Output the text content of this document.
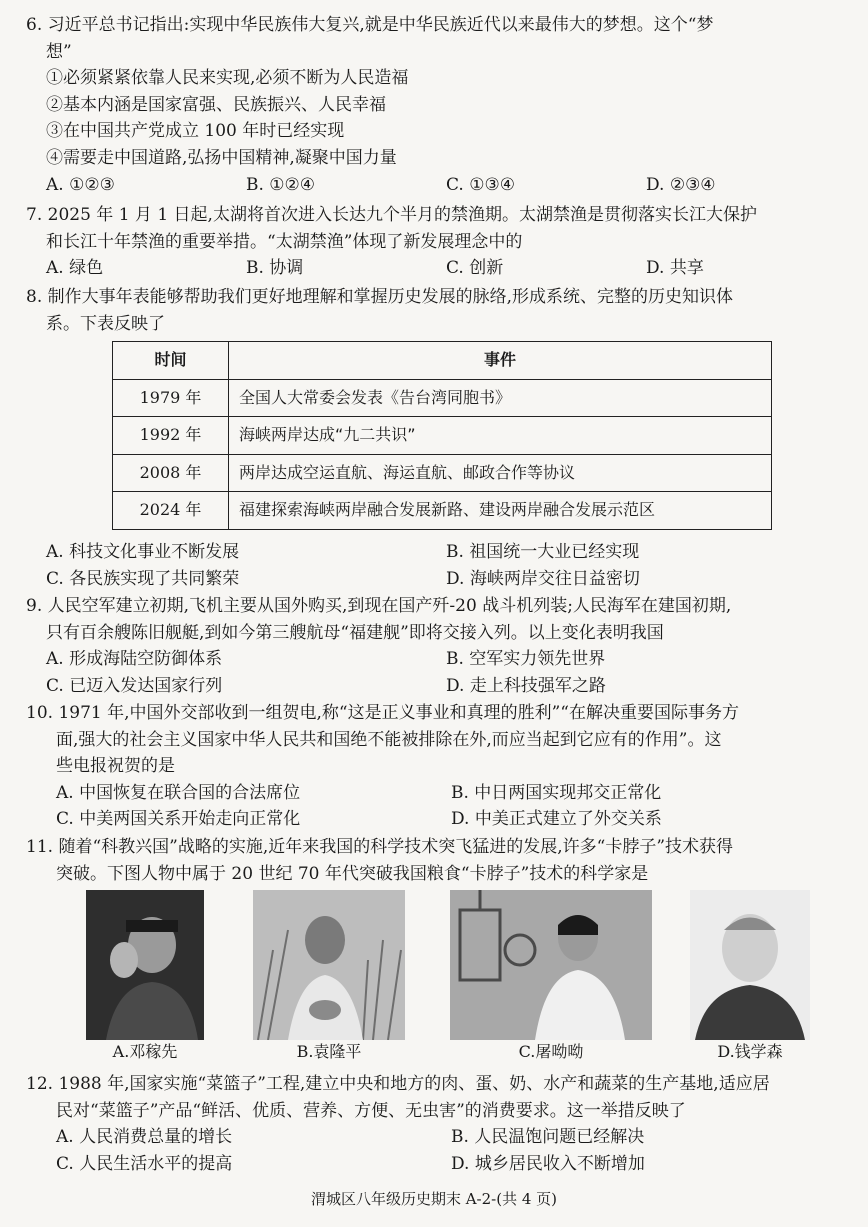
6. 习近平总书记指出:实现中华民族伟大复兴,就是中华民族近代以来最伟大的梦想。这个“梦
想”
①必须紧紧依靠人民来实现,必须不断为人民造福
②基本内涵是国家富强、民族振兴、人民幸福
③在中国共产党成立 100 年时已经实现
④需要走中国道路,弘扬中国精神,凝聚中国力量
A. ①②③	B. ①②④	C. ①③④	D. ②③④
7. 2025 年 1 月 1 日起,太湖将首次进入长达九个半月的禁渔期。太湖禁渔是贯彻落实长江大保护
和长江十年禁渔的重要举措。“太湖禁渔”体现了新发展理念中的
A. 绿色	B. 协调	C. 创新	D. 共享
8. 制作大事年表能够帮助我们更好地理解和掌握历史发展的脉络,形成系统、完整的历史知识体
系。下表反映了
时间	事件
1979 年	全国人大常委会发表《告台湾同胞书》
1992 年	海峡两岸达成“九二共识”
2008 年	两岸达成空运直航、海运直航、邮政合作等协议
2024 年	福建探索海峡两岸融合发展新路、建设两岸融合发展示范区
A. 科技文化事业不断发展	B. 祖国统一大业已经实现
C. 各民族实现了共同繁荣	D. 海峡两岸交往日益密切
9. 人民空军建立初期,飞机主要从国外购买,到现在国产歼-20 战斗机列装;人民海军在建国初期,
只有百余艘陈旧舰艇,到如今第三艘航母“福建舰”即将交接入列。以上变化表明我国
A. 形成海陆空防御体系	B. 空军实力领先世界
C. 已迈入发达国家行列	D. 走上科技强军之路
10. 1971 年,中国外交部收到一组贺电,称“这是正义事业和真理的胜利”“在解决重要国际事务方
面,强大的社会主义国家中华人民共和国绝不能被排除在外,而应当起到它应有的作用”。这
些电报祝贺的是
A. 中国恢复在联合国的合法席位	B. 中日两国实现邦交正常化
C. 中美两国关系开始走向正常化	D. 中美正式建立了外交关系
11. 随着“科教兴国”战略的实施,近年来我国的科学技术突飞猛进的发展,许多“卡脖子”技术获得
突破。下图人物中属于 20 世纪 70 年代突破我国粮食“卡脖子”技术的科学家是
A.邓稼先	B.袁隆平	C.屠呦呦	D.钱学森
12. 1988 年,国家实施“菜篮子”工程,建立中央和地方的肉、蛋、奶、水产和蔬菜的生产基地,适应居
民对“菜篮子”产品“鲜活、优质、营养、方便、无虫害”的消费要求。这一举措反映了
A. 人民消费总量的增长	B. 人民温饱问题已经解决
C. 人民生活水平的提高	D. 城乡居民收入不断增加
渭城区八年级历史期末 A-2-(共 4 页)
